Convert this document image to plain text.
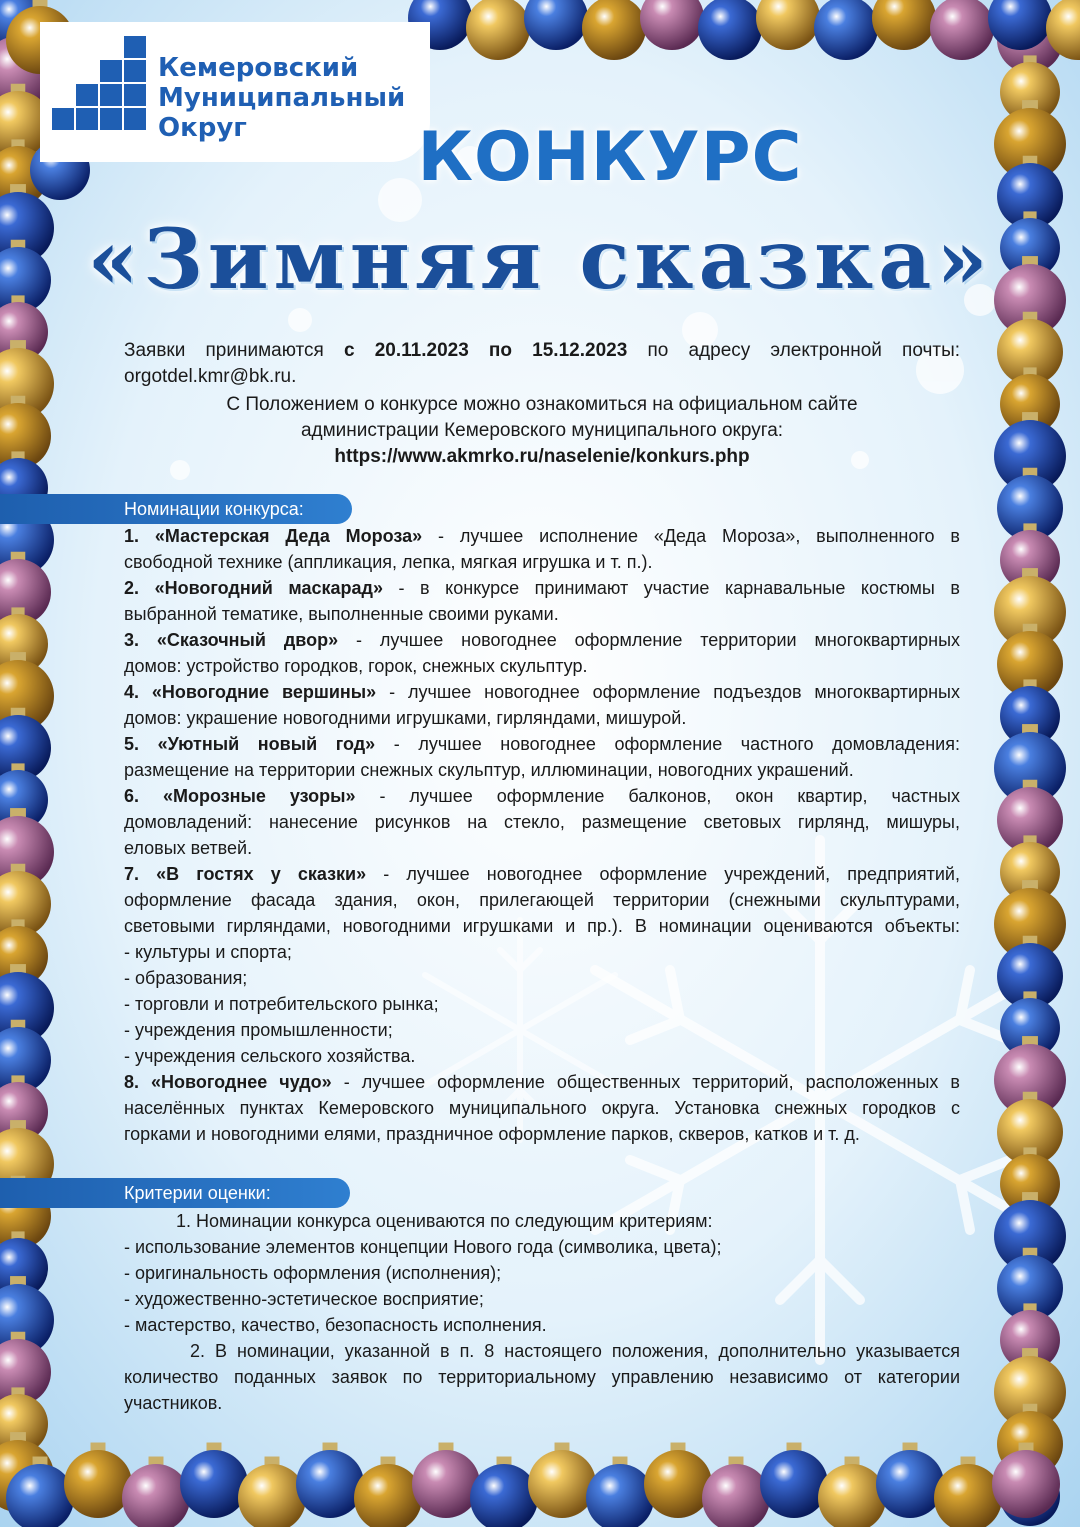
Кемеровский
Муниципальный
Округ	КОНКУРС
«Зимняя сказка»
Заявки принимаются с 20.11.2023 по 15.12.2023 по адресу электронной почты:
orgotdel.kmr@bk.ru.
С Положением о конкурсе можно ознакомиться на официальном сайте
администрации Кемеровского муниципального округа:
https://www.akmrko.ru/naselenie/konkurs.php
Номинации конкурса:
1. «Мастерская Деда Мороза» - лучшее исполнение «Деда Мороза», выполненного в
свободной технике (аппликация, лепка, мягкая игрушка и т. п.).
2. «Новогодний маскарад» - в конкурсе принимают участие карнавальные костюмы в
выбранной тематике, выполненные своими руками.
3. «Сказочный двор» - лучшее новогоднее оформление территории многоквартирных
домов: устройство городков, горок, снежных скульптур.
4. «Новогодние вершины» - лучшее новогоднее оформление подъездов многоквартирных
домов: украшение новогодними игрушками, гирляндами, мишурой.
5. «Уютный новый год» - лучшее новогоднее оформление частного домовладения:
размещение на территории снежных скульптур, иллюминации, новогодних украшений.
6. «Морозные узоры» - лучшее оформление балконов, окон квартир, частных
домовладений: нанесение рисунков на стекло, размещение световых гирлянд, мишуры,
еловых ветвей.
7. «В гостях у сказки» - лучшее новогоднее оформление учреждений, предприятий,
оформление фасада здания, окон, прилегающей территории (снежными скульптурами,
световыми гирляндами, новогодними игрушками и пр.). В номинации оцениваются объекты:
- культуры и спорта;
- образования;
- торговли и потребительского рынка;
- учреждения промышленности;
- учреждения сельского хозяйства.
8. «Новогоднее чудо» - лучшее оформление общественных территорий, расположенных в
населённых пунктах Кемеровского муниципального округа. Установка снежных городков с
горками и новогодними елями, праздничное оформление парков, скверов, катков и т. д.
Критерии оценки:
1. Номинации конкурса оцениваются по следующим критериям:
- использование элементов концепции Нового года (символика, цвета);
- оригинальность оформления (исполнения);
- художественно-эстетическое восприятие;
- мастерство, качество, безопасность исполнения.
2. В номинации, указанной в п. 8 настоящего положения, дополнительно указывается
количество поданных заявок по территориальному управлению независимо от категории
участников.
